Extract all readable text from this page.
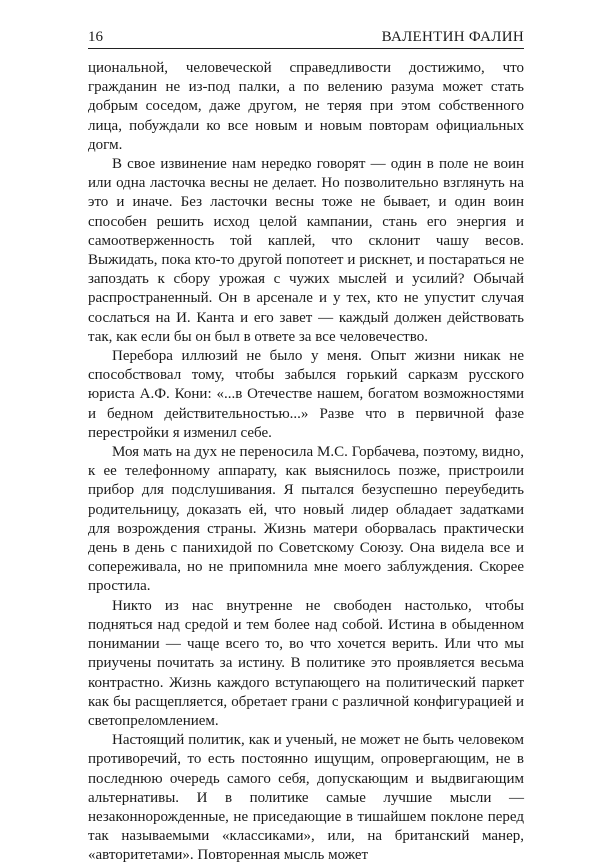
16	ВАЛЕНТИН ФАЛИН

циональной, человеческой справедливости достижимо, что гражданин не из-под палки, а по велению разума может стать добрым соседом, даже другом, не теряя при этом собственного лица, побуждали ко все новым и новым повторам официальных догм.

В свое извинение нам нередко говорят — один в поле не воин или одна ласточка весны не делает. Но позволительно взглянуть на это и иначе. Без ласточки весны тоже не бывает, и один воин способен решить исход целой кампании, стань его энергия и самоотверженность той каплей, что склонит чашу весов. Выжидать, пока кто-то другой попотеет и рискнет, и постараться не запоздать к сбору урожая с чужих мыслей и усилий? Обычай распространенный. Он в арсенале и у тех, кто не упустит случая сослаться на И. Канта и его завет — каждый должен действовать так, как если бы он был в ответе за все человечество.

Перебора иллюзий не было у меня. Опыт жизни никак не способствовал тому, чтобы забылся горький сарказм русского юриста А.Ф. Кони: «...в Отечестве нашем, богатом возможностями и бедном действительностью...» Разве что в первичной фазе перестройки я изменил себе.

Моя мать на дух не переносила М.С. Горбачева, поэтому, видно, к ее телефонному аппарату, как выяснилось позже, пристроили прибор для подслушивания. Я пытался безуспешно переубедить родительницу, доказать ей, что новый лидер обладает задатками для возрождения страны. Жизнь матери оборвалась практически день в день с панихидой по Советскому Союзу. Она видела все и сопереживала, но не припомнила мне моего заблуждения. Скорее простила.

Никто из нас внутренне не свободен настолько, чтобы подняться над средой и тем более над собой. Истина в обыденном понимании — чаще всего то, во что хочется верить. Или что мы приучены почитать за истину. В политике это проявляется весьма контрастно. Жизнь каждого вступающего на политический паркет как бы расщепляется, обретает грани с различной конфигурацией и светопреломлением.

Настоящий политик, как и ученый, не может не быть человеком противоречий, то есть постоянно ищущим, опровергающим, не в последнюю очередь самого себя, допускающим и выдвигающим альтернативы. И в политике самые лучшие мысли — незаконнорожденные, не приседающие в тишайшем поклоне перед так называемыми «классиками», или, на британский манер, «авторитетами». Повторенная мысль может
